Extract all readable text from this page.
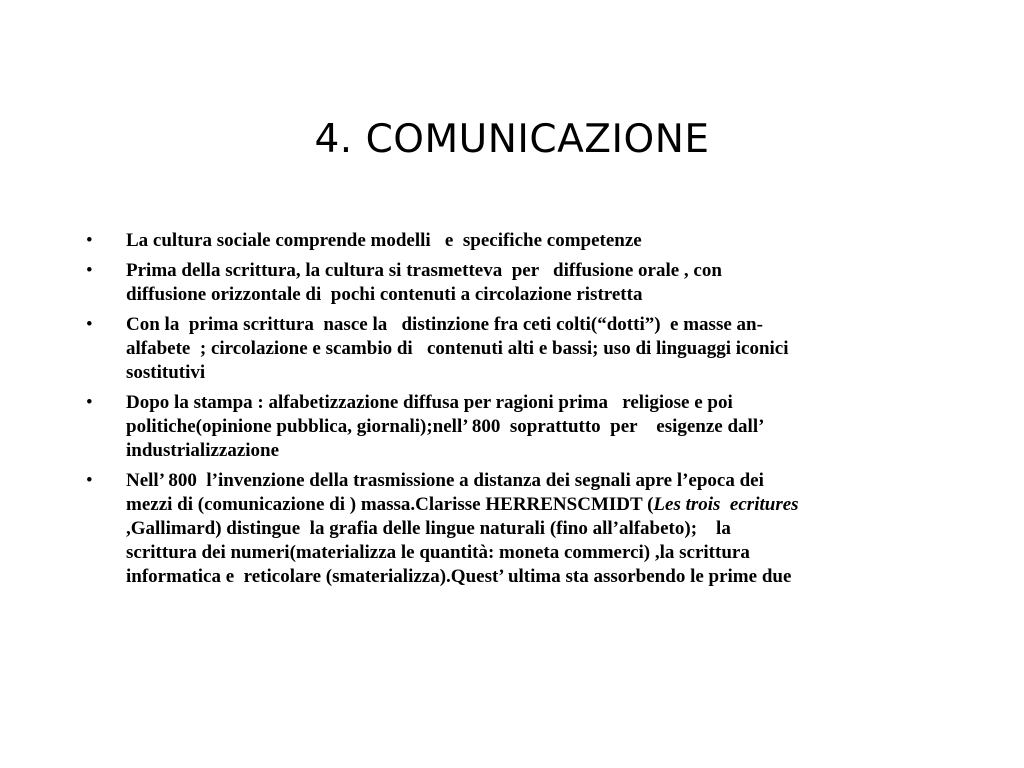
4. COMUNICAZIONE
•	La cultura sociale comprende modelli   e  specifiche competenze
•	Prima della scrittura, la cultura si trasmetteva  per   diffusione orale , con
diffusione orizzontale di  pochi contenuti a circolazione ristretta
•	Con la  prima scrittura  nasce la   distinzione fra ceti colti(“dotti”)  e masse an-
alfabete  ; circolazione e scambio di   contenuti alti e bassi; uso di linguaggi iconici
sostitutivi
•	Dopo la stampa : alfabetizzazione diffusa per ragioni prima   religiose e poi
politiche(opinione pubblica, giornali);nell’ 800  soprattutto  per    esigenze dall’
industrializzazione
•	Nell’ 800  l’invenzione della trasmissione a distanza dei segnali apre l’epoca dei
mezzi di (comunicazione di ) massa.Clarisse HERRENSCMIDT (Les trois  ecritures
,Gallimard) distingue  la grafia delle lingue naturali (fino all’alfabeto);    la
scrittura dei numeri(materializza le quantità: moneta commerci) ,la scrittura
informatica e  reticolare (smaterializza).Quest’ ultima sta assorbendo le prime due
